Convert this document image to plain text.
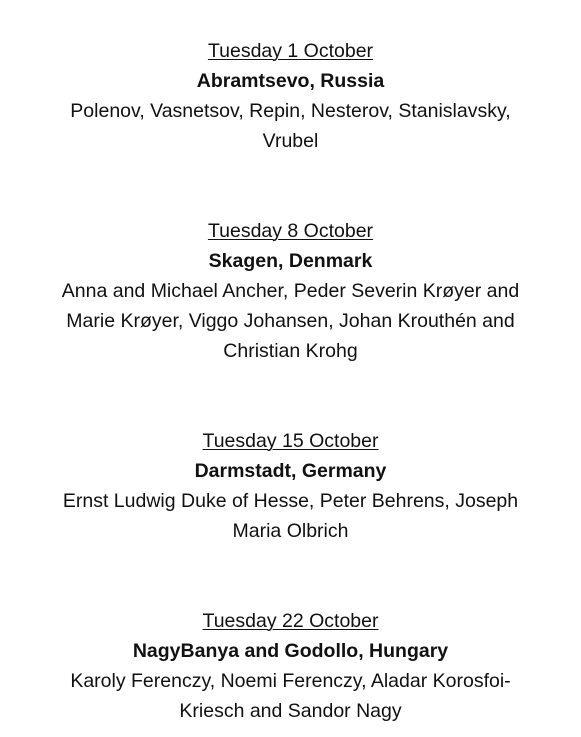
Tuesday 1 October
Abramtsevo, Russia
Polenov, Vasnetsov, Repin, Nesterov, Stanislavsky,
Vrubel
Tuesday 8 October
Skagen, Denmark
Anna and Michael Ancher, Peder Severin Krøyer and
Marie Krøyer, Viggo Johansen, Johan Krouthén and
Christian Krohg
Tuesday 15 October
Darmstadt, Germany
Ernst Ludwig Duke of Hesse, Peter Behrens, Joseph
Maria Olbrich
Tuesday 22 October
NagyBanya and Godollo, Hungary
Karoly Ferenczy, Noemi Ferenczy, Aladar Korosfoi-
Kriesch and Sandor Nagy
